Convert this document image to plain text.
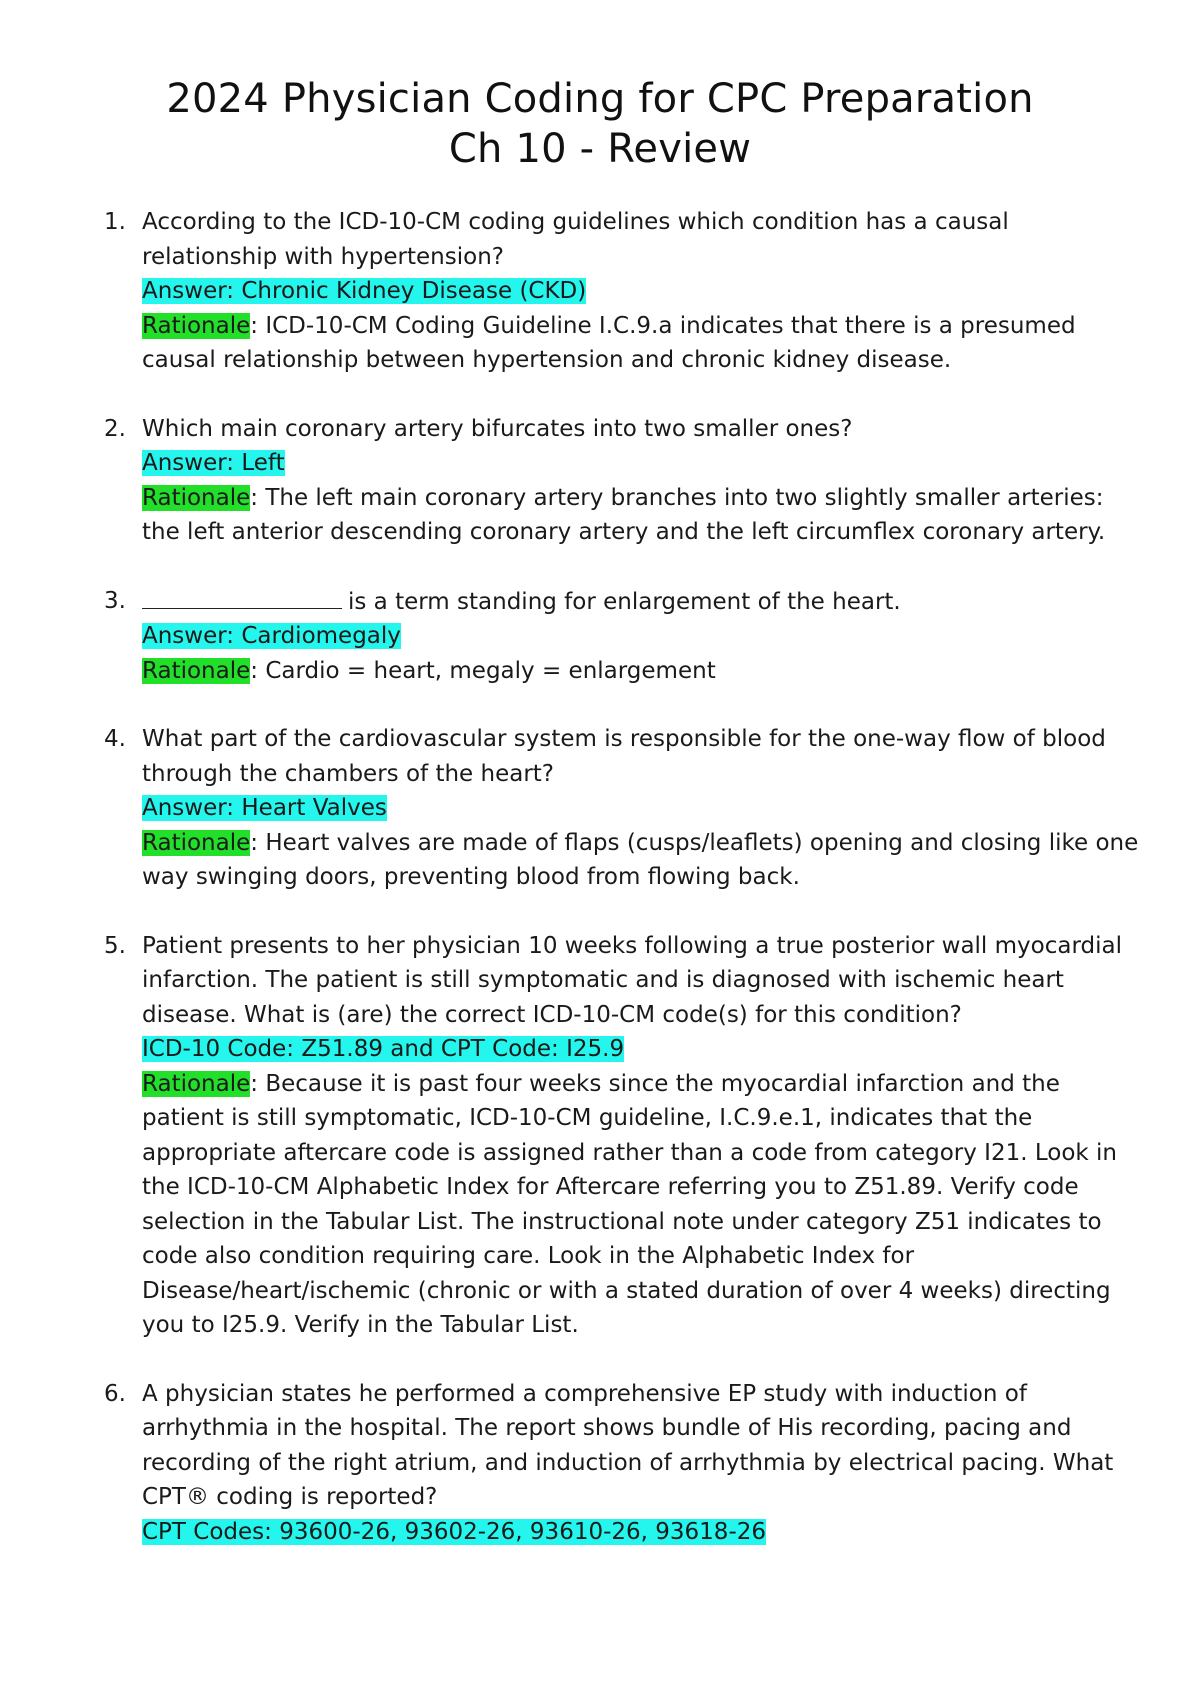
2024 Physician Coding for CPC Preparation
Ch 10 - Review
1. According to the ICD-10-CM coding guidelines which condition has a causal relationship with hypertension?
Answer: Chronic Kidney Disease (CKD)
Rationale: ICD-10-CM Coding Guideline I.C.9.a indicates that there is a presumed causal relationship between hypertension and chronic kidney disease.
2. Which main coronary artery bifurcates into two smaller ones?
Answer: Left
Rationale: The left main coronary artery branches into two slightly smaller arteries: the left anterior descending coronary artery and the left circumflex coronary artery.
3.	is a term standing for enlargement of the heart.
Answer: Cardiomegaly
Rationale: Cardio = heart, megaly = enlargement
4. What part of the cardiovascular system is responsible for the one-way flow of blood through the chambers of the heart?
Answer: Heart Valves
Rationale: Heart valves are made of flaps (cusps/leaflets) opening and closing like one way swinging doors, preventing blood from flowing back.
5. Patient presents to her physician 10 weeks following a true posterior wall myocardial infarction. The patient is still symptomatic and is diagnosed with ischemic heart disease. What is (are) the correct ICD-10-CM code(s) for this condition?
ICD-10 Code: Z51.89 and CPT Code: I25.9
Rationale: Because it is past four weeks since the myocardial infarction and the patient is still symptomatic, ICD-10-CM guideline, I.C.9.e.1, indicates that the appropriate aftercare code is assigned rather than a code from category I21. Look in the ICD-10-CM Alphabetic Index for Aftercare referring you to Z51.89. Verify code selection in the Tabular List. The instructional note under category Z51 indicates to code also condition requiring care. Look in the Alphabetic Index for Disease/heart/ischemic (chronic or with a stated duration of over 4 weeks) directing you to I25.9. Verify in the Tabular List.
6. A physician states he performed a comprehensive EP study with induction of arrhythmia in the hospital. The report shows bundle of His recording, pacing and recording of the right atrium, and induction of arrhythmia by electrical pacing. What CPT® coding is reported?
CPT Codes: 93600-26, 93602-26, 93610-26, 93618-26
